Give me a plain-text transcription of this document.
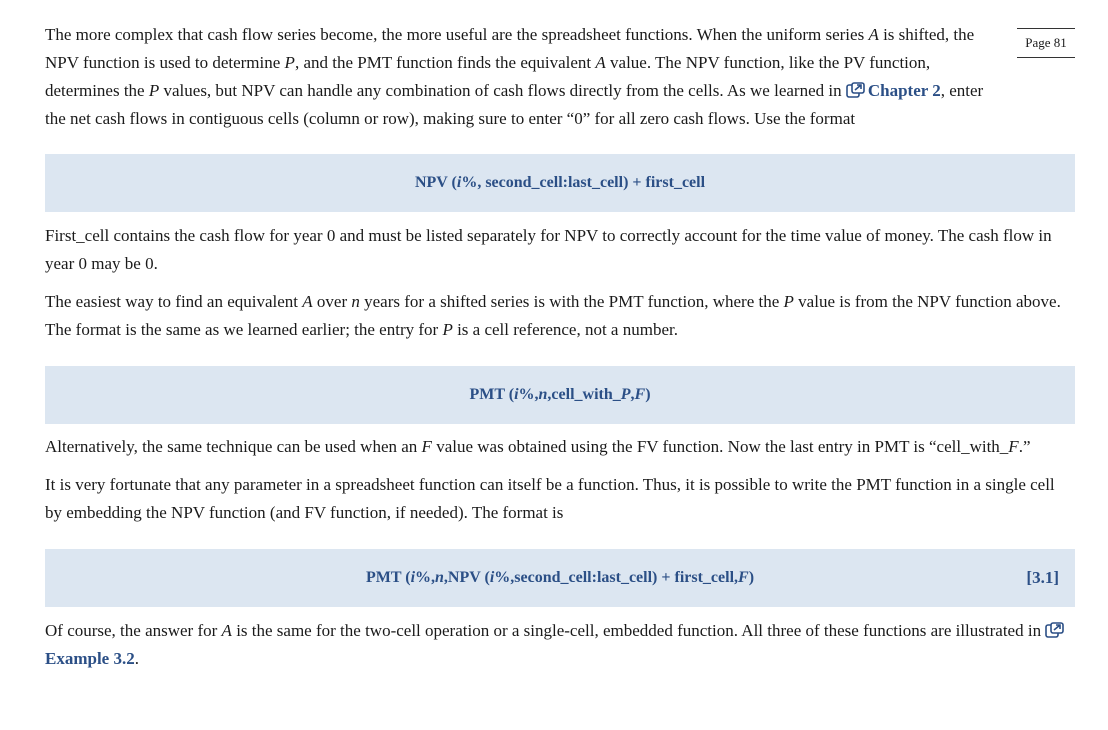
Page 81

The more complex that cash flow series become, the more useful are the spreadsheet functions. When the uniform series A is shifted, the NPV function is used to determine P, and the PMT function finds the equivalent A value. The NPV function, like the PV function, determines the P values, but NPV can handle any combination of cash flows directly from the cells. As we learned in Chapter 2, enter the net cash flows in contiguous cells (column or row), making sure to enter “0” for all zero cash flows. Use the format

NPV ( i %, second_cell:last_cell) + first_cell

First_cell contains the cash flow for year 0 and must be listed separately for NPV to correctly account for the time value of money. The cash flow in year 0 may be 0.

The easiest way to find an equivalent A over n years for a shifted series is with the PMT function, where the P value is from the NPV function above. The format is the same as we learned earlier; the entry for P is a cell reference, not a number.

PMT ( i %, n ,cell_with_ P , F )

Alternatively, the same technique can be used when an F value was obtained using the FV function. Now the last entry in PMT is “cell_with_F.”

It is very fortunate that any parameter in a spreadsheet function can itself be a function. Thus, it is possible to write the PMT function in a single cell by embedding the NPV function (and FV function, if needed). The format is

PMT (i%,n,NPV (i%,second_cell:last_cell) + first_cell,F)	[3.1]

Of course, the answer for A is the same for the two-cell operation or a single-cell, embedded function. All three of these functions are illustrated in Example 3.2.
